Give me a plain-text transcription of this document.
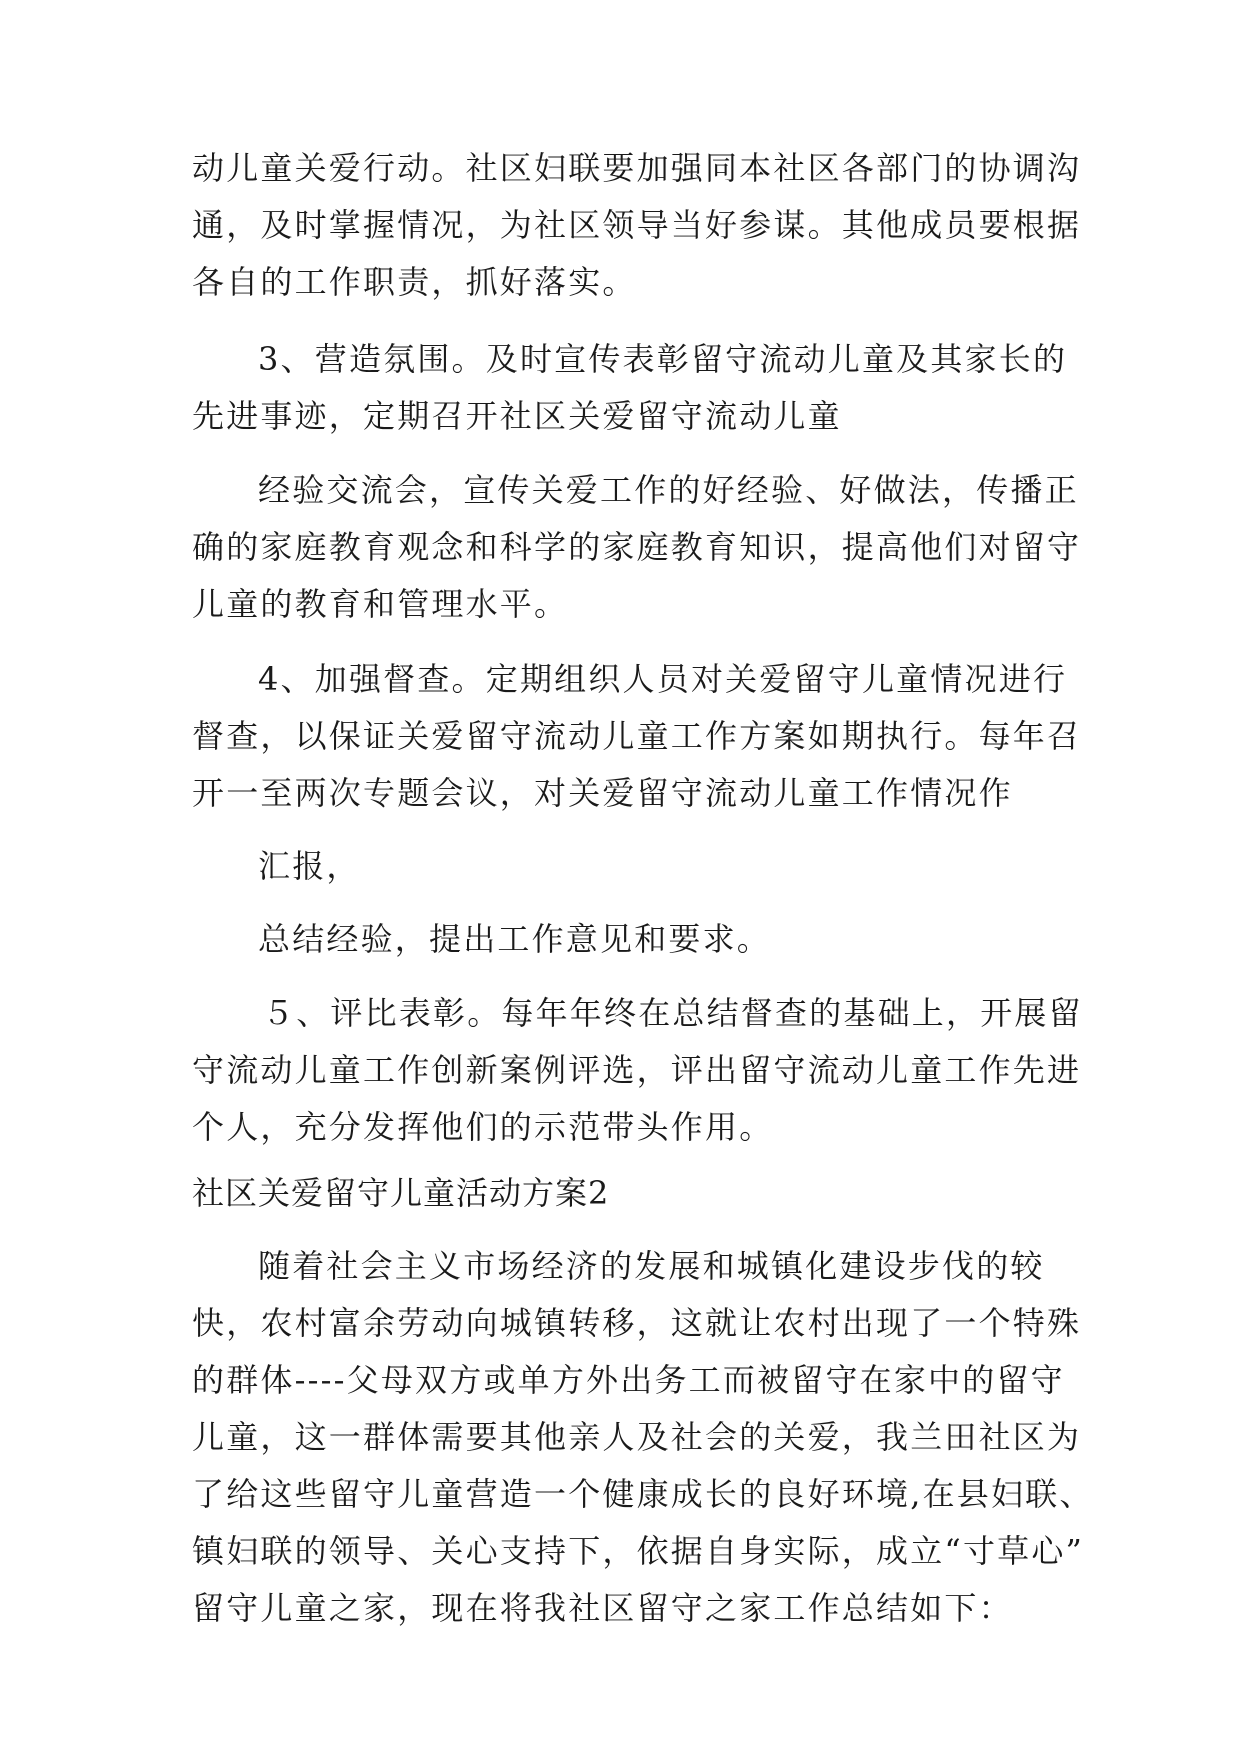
动儿童关爱行动。社区妇联要加强同本社区各部门的协调沟
通，及时掌握情况，为社区领导当好参谋。其他成员要根据
各自的工作职责，抓好落实。
3、营造氛围。及时宣传表彰留守流动儿童及其家长的
先进事迹，定期召开社区关爱留守流动儿童
经验交流会，宣传关爱工作的好经验、好做法，传播正
确的家庭教育观念和科学的家庭教育知识，提高他们对留守
儿童的教育和管理水平。
4、加强督查。定期组织人员对关爱留守儿童情况进行
督查，以保证关爱留守流动儿童工作方案如期执行。每年召
开一至两次专题会议，对关爱留守流动儿童工作情况作
汇报，
总结经验，提出工作意见和要求。
５、评比表彰。每年年终在总结督查的基础上，开展留
守流动儿童工作创新案例评选，评出留守流动儿童工作先进
个人，充分发挥他们的示范带头作用。
社区关爱留守儿童活动方案2
随着社会主义市场经济的发展和城镇化建设步伐的较
快，农村富余劳动向城镇转移，这就让农村出现了一个特殊
的群体----父母双方或单方外出务工而被留守在家中的留守
儿童，这一群体需要其他亲人及社会的关爱，我兰田社区为
了给这些留守儿童营造一个健康成长的良好环境,在县妇联、
镇妇联的领导、关心支持下，依据自身实际，成立“寸草心”
留守儿童之家，现在将我社区留守之家工作总结如下：
